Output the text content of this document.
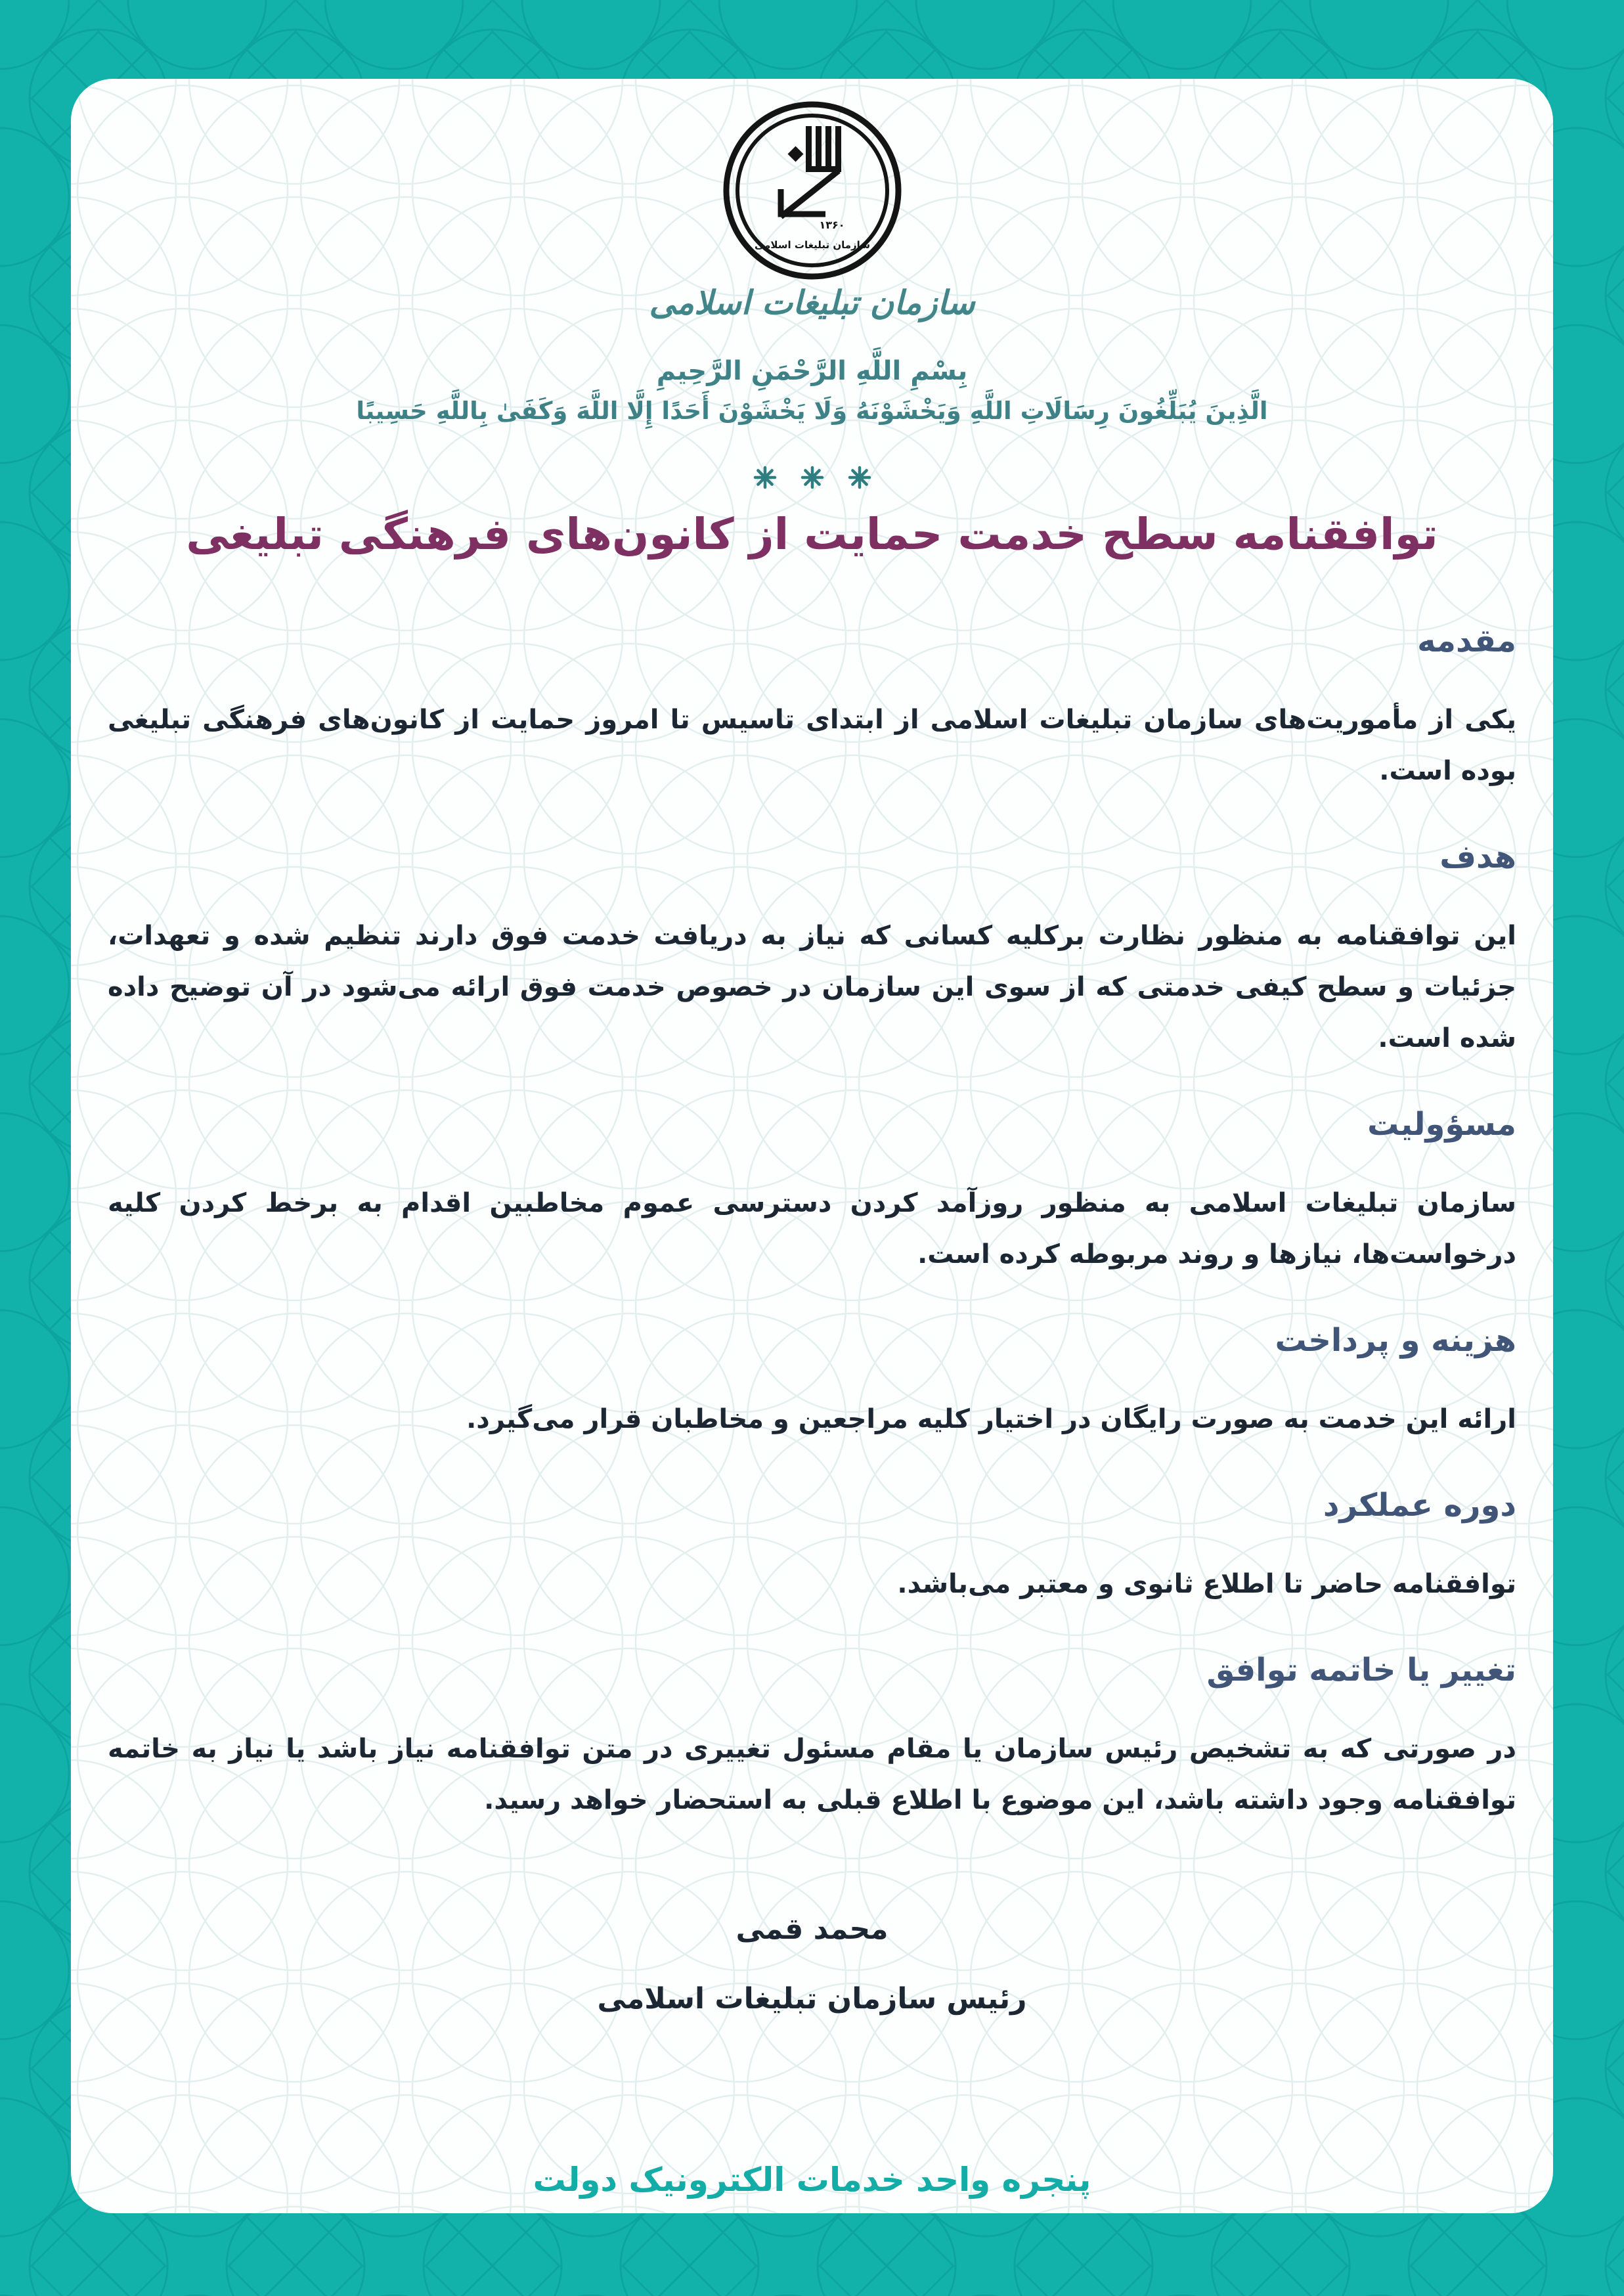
۱۳۶۰
سازمان تبلیغات اسلامی
سازمان تبلیغات اسلامی
بِسْمِ اللَّهِ الرَّحْمَنِ الرَّحِيمِ
الَّذِينَ يُبَلِّغُونَ رِسَالَاتِ اللَّهِ وَيَخْشَوْنَهُ وَلَا يَخْشَوْنَ أَحَدًا إِلَّا اللَّهَ وَكَفَىٰ بِاللَّهِ حَسِيبًا
توافقنامه سطح خدمت حمایت از کانون‌های فرهنگی تبلیغی
مقدمه

یکی از مأموریت‌های سازمان تبلیغات اسلامی از ابتدای تاسیس تا امروز حمایت از کانون‌های فرهنگی تبلیغی بوده است.

هدف

این توافقنامه به منظور نظارت برکلیه کسانی که نیاز به دریافت خدمت فوق دارند تنظیم شده و تعهدات، جزئیات و سطح کیفی خدمتی که از سوی این سازمان در خصوص خدمت فوق ارائه می‌شود در آن توضیح داده شده است.

مسؤولیت

سازمان تبلیغات اسلامی به منظور روزآمد کردن دسترسی عموم مخاطبین اقدام به برخط کردن کلیه درخواست‌ها، نیازها و روند مربوطه کرده است.

هزینه و پرداخت

ارائه این خدمت به صورت رایگان در اختیار کلیه مراجعین و مخاطبان قرار می‌گیرد.

دوره عملکرد

توافقنامه حاضر تا اطلاع ثانوی و معتبر می‌باشد.

تغییر یا خاتمه توافق

در صورتی که به تشخیص رئیس سازمان یا مقام مسئول تغییری در متن توافقنامه نیاز باشد یا نیاز به خاتمه توافقنامه وجود داشته باشد، این موضوع با اطلاع قبلی به استحضار خواهد رسید.

محمد قمی
رئیس سازمان تبلیغات اسلامی
پنجره واحد خدمات الکترونیک دولت
